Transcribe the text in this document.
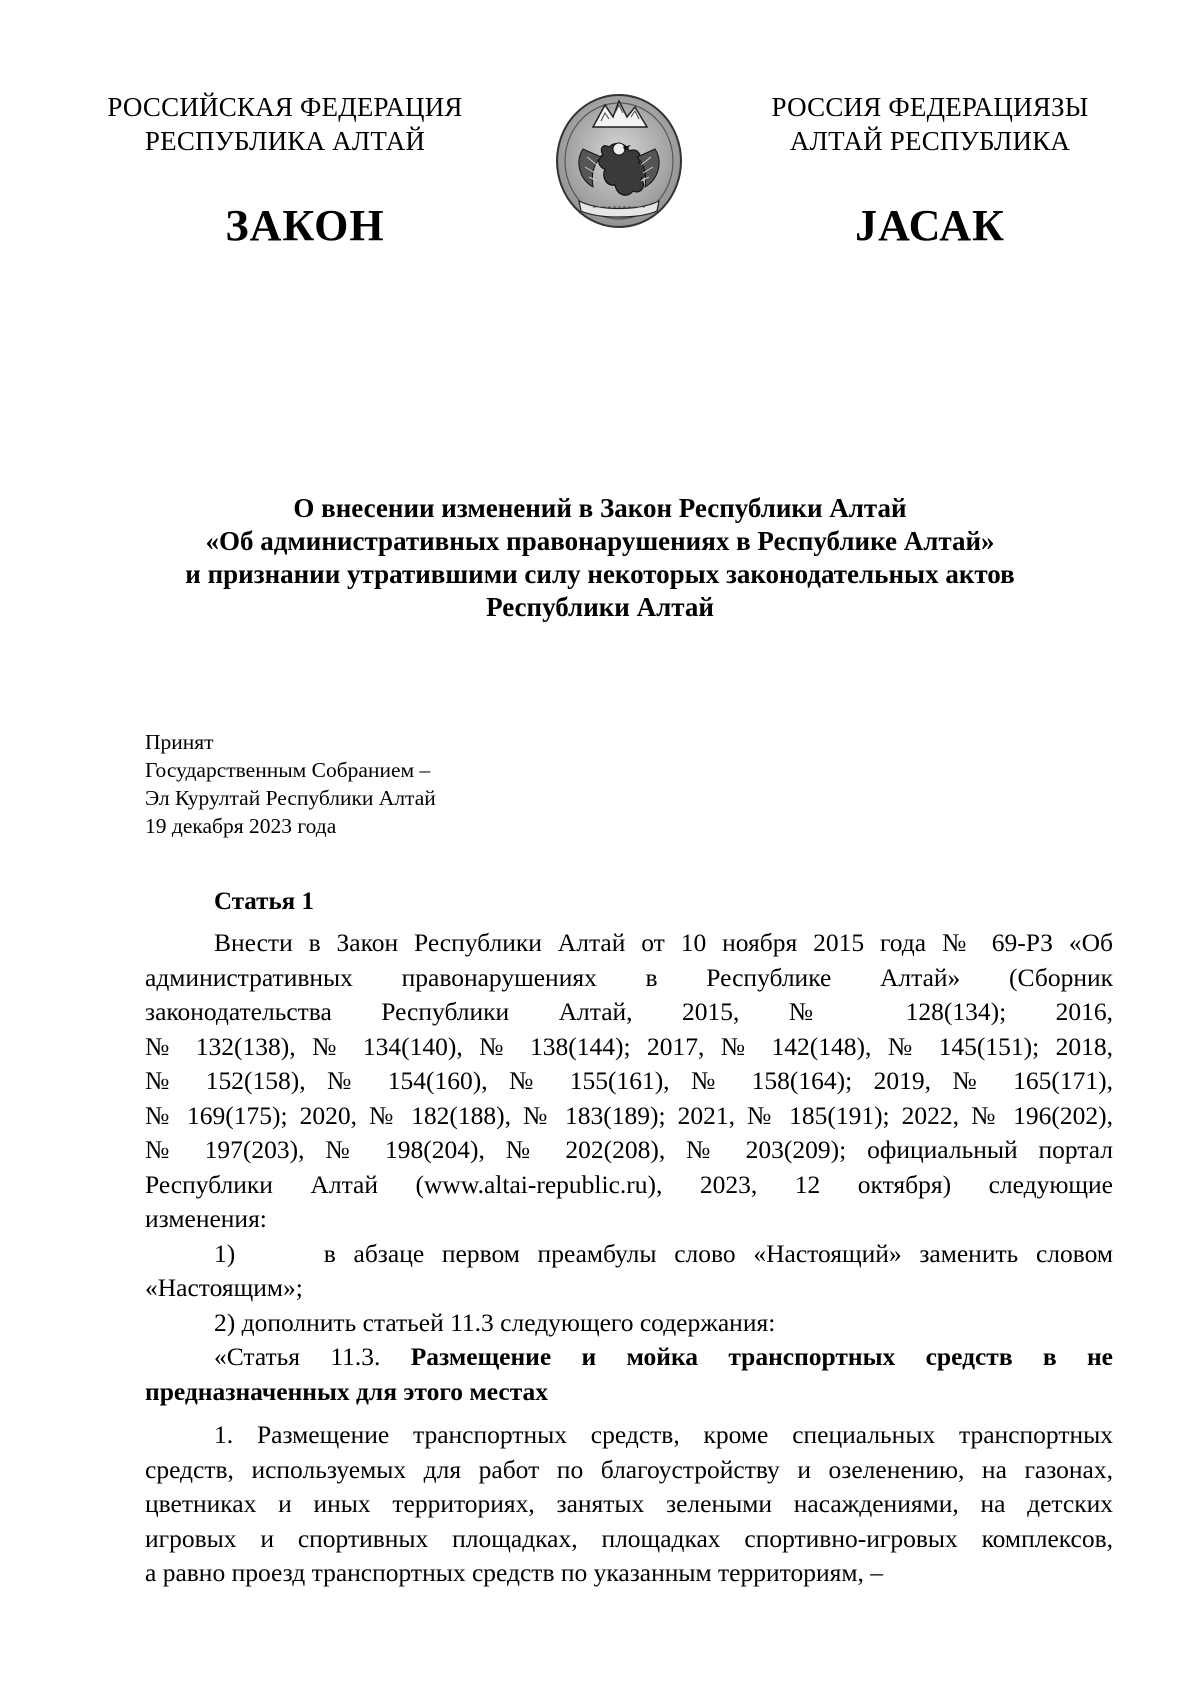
РОССИЙСКАЯ ФЕДЕРАЦИЯ
РЕСПУБЛИКА АЛТАЙ
РОССИЯ ФЕДЕРАЦИЯЗЫ
АЛТАЙ РЕСПУБЛИКА
ЗАКОН	JАСАК
О внесении изменений в Закон Республики Алтай
«Об административных правонарушениях в Республике Алтай»
и признании утратившими силу некоторых законодательных актов
Республики Алтай
Принят
Государственным Собранием –
Эл Курултай Республики Алтай
19 декабря 2023 года
Статья 1
Внести в Закон Республики Алтай от 10 ноября 2015 года № 69-РЗ «Об
административных правонарушениях в Республике Алтай» (Сборник
законодательства Республики Алтай, 2015, № 128(134); 2016,
№ 132(138), № 134(140), № 138(144); 2017, № 142(148), № 145(151); 2018,
№ 152(158), № 154(160), № 155(161), № 158(164); 2019, № 165(171),
№ 169(175); 2020, № 182(188), № 183(189); 2021, № 185(191); 2022, № 196(202),
№ 197(203), № 198(204), № 202(208), № 203(209); официальный портал
Республики Алтай (www.altai-republic.ru), 2023, 12 октября) следующие
изменения:
1)     в абзаце первом преамбулы слово «Настоящий» заменить словом
«Настоящим»;
2) дополнить статьей 11.3 следующего содержания:
«Статья 11.3. Размещение и мойка транспортных средств в не
предназначенных для этого местах
1. Размещение транспортных средств, кроме специальных транспортных
средств, используемых для работ по благоустройству и озеленению, на газонах,
цветниках и иных территориях, занятых зелеными насаждениями, на детских
игровых и спортивных площадках, площадках спортивно-игровых комплексов,
а равно проезд транспортных средств по указанным территориям, –
